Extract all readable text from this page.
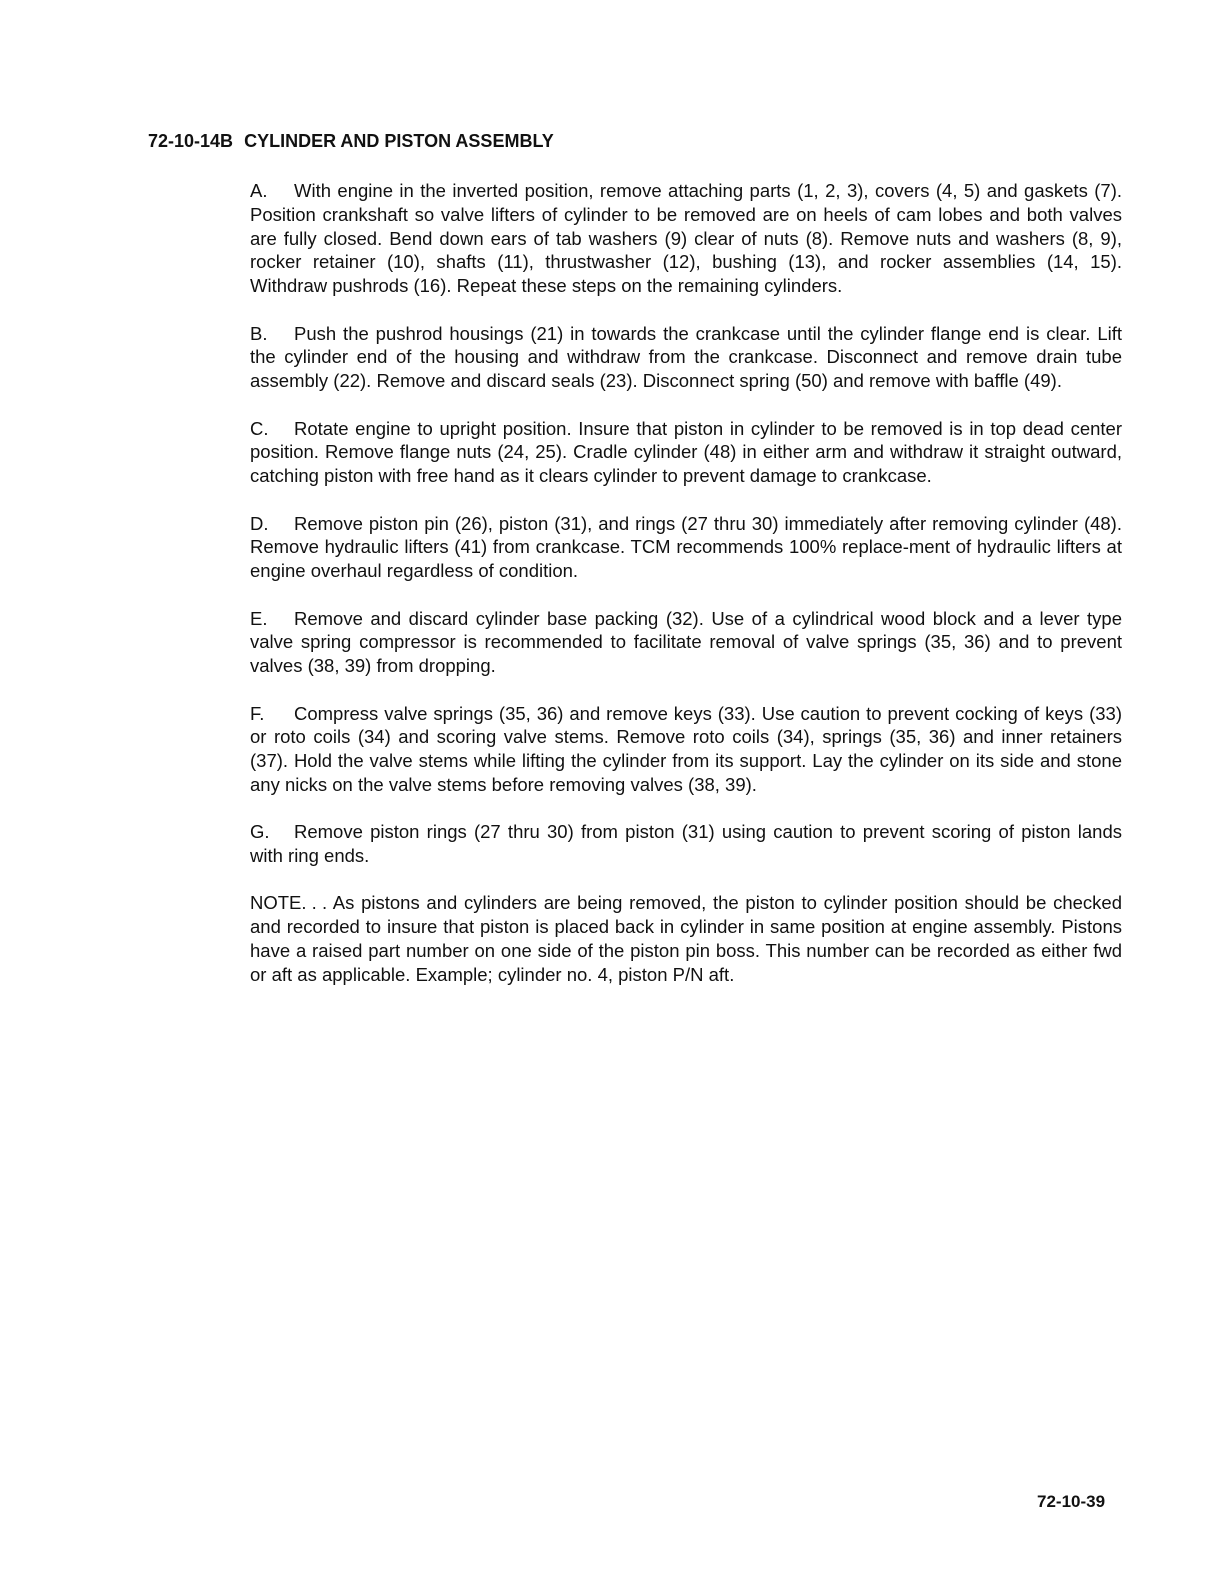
72-10-14B CYLINDER AND PISTON ASSEMBLY

A. With engine in the inverted position, remove attaching parts (1, 2, 3), covers (4, 5) and gaskets (7). Position crankshaft so valve lifters of cylinder to be removed are on heels of cam lobes and both valves are fully closed. Bend down ears of tab washers (9) clear of nuts (8). Remove nuts and washers (8, 9), rocker retainer (10), shafts (11), thrustwasher (12), bushing (13), and rocker assemblies (14, 15). Withdraw pushrods (16). Repeat these steps on the remaining cylinders.

B. Push the pushrod housings (21) in towards the crankcase until the cylinder flange end is clear. Lift the cylinder end of the housing and withdraw from the crankcase. Disconnect and remove drain tube assembly (22). Remove and discard seals (23). Disconnect spring (50) and remove with baffle (49).

C. Rotate engine to upright position. Insure that piston in cylinder to be removed is in top dead center position. Remove flange nuts (24, 25). Cradle cylinder (48) in either arm and withdraw it straight outward, catching piston with free hand as it clears cylinder to prevent damage to crankcase.

D. Remove piston pin (26), piston (31), and rings (27 thru 30) immediately after removing cylinder (48). Remove hydraulic lifters (41) from crankcase. TCM recommends 100% replace-ment of hydraulic lifters at engine overhaul regardless of condition.

E. Remove and discard cylinder base packing (32). Use of a cylindrical wood block and a lever type valve spring compressor is recommended to facilitate removal of valve springs (35, 36) and to prevent valves (38, 39) from dropping.

F. Compress valve springs (35, 36) and remove keys (33). Use caution to prevent cocking of keys (33) or roto coils (34) and scoring valve stems. Remove roto coils (34), springs (35, 36) and inner retainers (37). Hold the valve stems while lifting the cylinder from its support. Lay the cylinder on its side and stone any nicks on the valve stems before removing valves (38, 39).

G. Remove piston rings (27 thru 30) from piston (31) using caution to prevent scoring of piston lands with ring ends.

NOTE. . . As pistons and cylinders are being removed, the piston to cylinder position should be checked and recorded to insure that piston is placed back in cylinder in same position at engine assembly. Pistons have a raised part number on one side of the piston pin boss. This number can be recorded as either fwd or aft as applicable. Example; cylinder no. 4, piston P/N aft.

72-10-39
